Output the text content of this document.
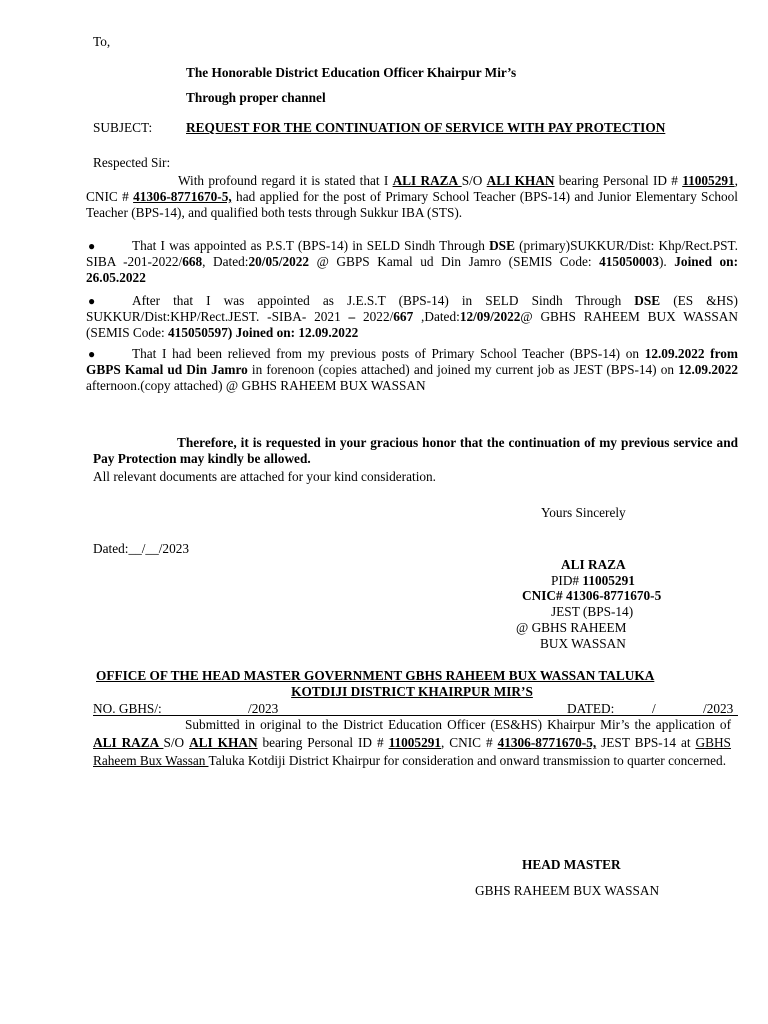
To,
The Honorable District Education Officer Khairpur Mir’s
Through proper channel
SUBJECT:	REQUEST FOR THE CONTINUATION OF SERVICE WITH PAY PROTECTION
Respected Sir:
With profound regard it is stated that I ALI RAZA S/O ALI KHAN bearing Personal ID # 11005291, CNIC # 41306-8771670-5, had applied for the post of Primary School Teacher (BPS-14) and Junior Elementary School Teacher (BPS-14), and qualified both tests through Sukkur IBA (STS).
●	That I was appointed as P.S.T (BPS-14) in SELD Sindh Through DSE (primary)SUKKUR/Dist: Khp/Rect.PST. SIBA -201-2022/668, Dated:20/05/2022 @ GBPS Kamal ud Din Jamro (SEMIS Code: 415050003). Joined on: 26.05.2022
●	After that I was appointed as J.E.S.T (BPS-14) in SELD Sindh Through DSE (ES &HS) SUKKUR/Dist:KHP/Rect.JEST. -SIBA- 2021 – 2022/667 ,Dated:12/09/2022@ GBHS RAHEEM BUX WASSAN (SEMIS Code: 415050597) Joined on: 12.09.2022
●	That I had been relieved from my previous posts of Primary School Teacher (BPS-14) on 12.09.2022 from GBPS Kamal ud Din Jamro in forenoon (copies attached) and joined my current job as JEST (BPS-14) on 12.09.2022 afternoon.(copy attached) @ GBHS RAHEEM BUX WASSAN
Therefore, it is requested in your gracious honor that the continuation of my previous service and Pay Protection may kindly be allowed.
All relevant documents are attached for your kind consideration.
Yours Sincerely
Dated:__/__/2023
ALI RAZA
PID# 11005291
CNIC# 41306-8771670-5
JEST (BPS-14)
@ GBHS RAHEEM
BUX WASSAN
OFFICE OF THE HEAD MASTER GOVERNMENT GBHS RAHEEM BUX WASSAN TALUKA
KOTDIJI DISTRICT KHAIRPUR MIR’S
NO. GBHS/:	/2023	DATED:	/	/2023
Submitted in original to the District Education Officer (ES&HS) Khairpur Mir’s the application of ALI RAZA S/O ALI KHAN bearing Personal ID # 11005291, CNIC # 41306-8771670-5, JEST BPS-14 at GBHS Raheem Bux Wassan Taluka Kotdiji District Khairpur for consideration and onward transmission to quarter concerned.
HEAD MASTER
GBHS RAHEEM BUX WASSAN
